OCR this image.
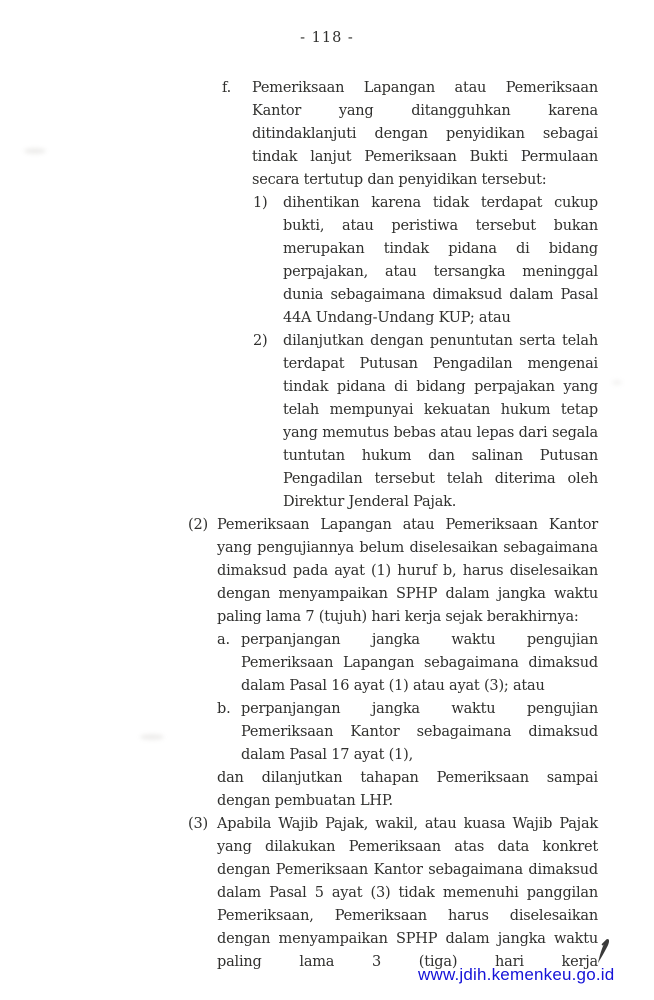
- 118 -
f. Pemeriksaan Lapangan atau Pemeriksaan Kantor yang ditangguhkan karena ditindaklanjuti dengan penyidikan sebagai tindak lanjut Pemeriksaan Bukti Permulaan secara tertutup dan penyidikan tersebut:
1) dihentikan karena tidak terdapat cukup bukti, atau peristiwa tersebut bukan merupakan tindak pidana di bidang perpajakan, atau tersangka meninggal dunia sebagaimana dimaksud dalam Pasal 44A Undang-Undang KUP; atau
2) dilanjutkan dengan penuntutan serta telah terdapat Putusan Pengadilan mengenai tindak pidana di bidang perpajakan yang telah mempunyai kekuatan hukum tetap yang memutus bebas atau lepas dari segala tuntutan hukum dan salinan Putusan Pengadilan tersebut telah diterima oleh Direktur Jenderal Pajak.
(2) Pemeriksaan Lapangan atau Pemeriksaan Kantor yang pengujiannya belum diselesaikan sebagaimana dimaksud pada ayat (1) huruf b, harus diselesaikan dengan menyampaikan SPHP dalam jangka waktu paling lama 7 (tujuh) hari kerja sejak berakhirnya:
a. perpanjangan jangka waktu pengujian Pemeriksaan Lapangan sebagaimana dimaksud dalam Pasal 16 ayat (1) atau ayat (3); atau
b. perpanjangan jangka waktu pengujian Pemeriksaan Kantor sebagaimana dimaksud dalam Pasal 17 ayat (1),
dan dilanjutkan tahapan Pemeriksaan sampai dengan pembuatan LHP.
(3) Apabila Wajib Pajak, wakil, atau kuasa Wajib Pajak yang dilakukan Pemeriksaan atas data konkret dengan Pemeriksaan Kantor sebagaimana dimaksud dalam Pasal 5 ayat (3) tidak memenuhi panggilan Pemeriksaan, Pemeriksaan harus diselesaikan dengan menyampaikan SPHP dalam jangka waktu paling lama 3 (tiga) hari kerja
www.jdih.kemenkeu.go.id
